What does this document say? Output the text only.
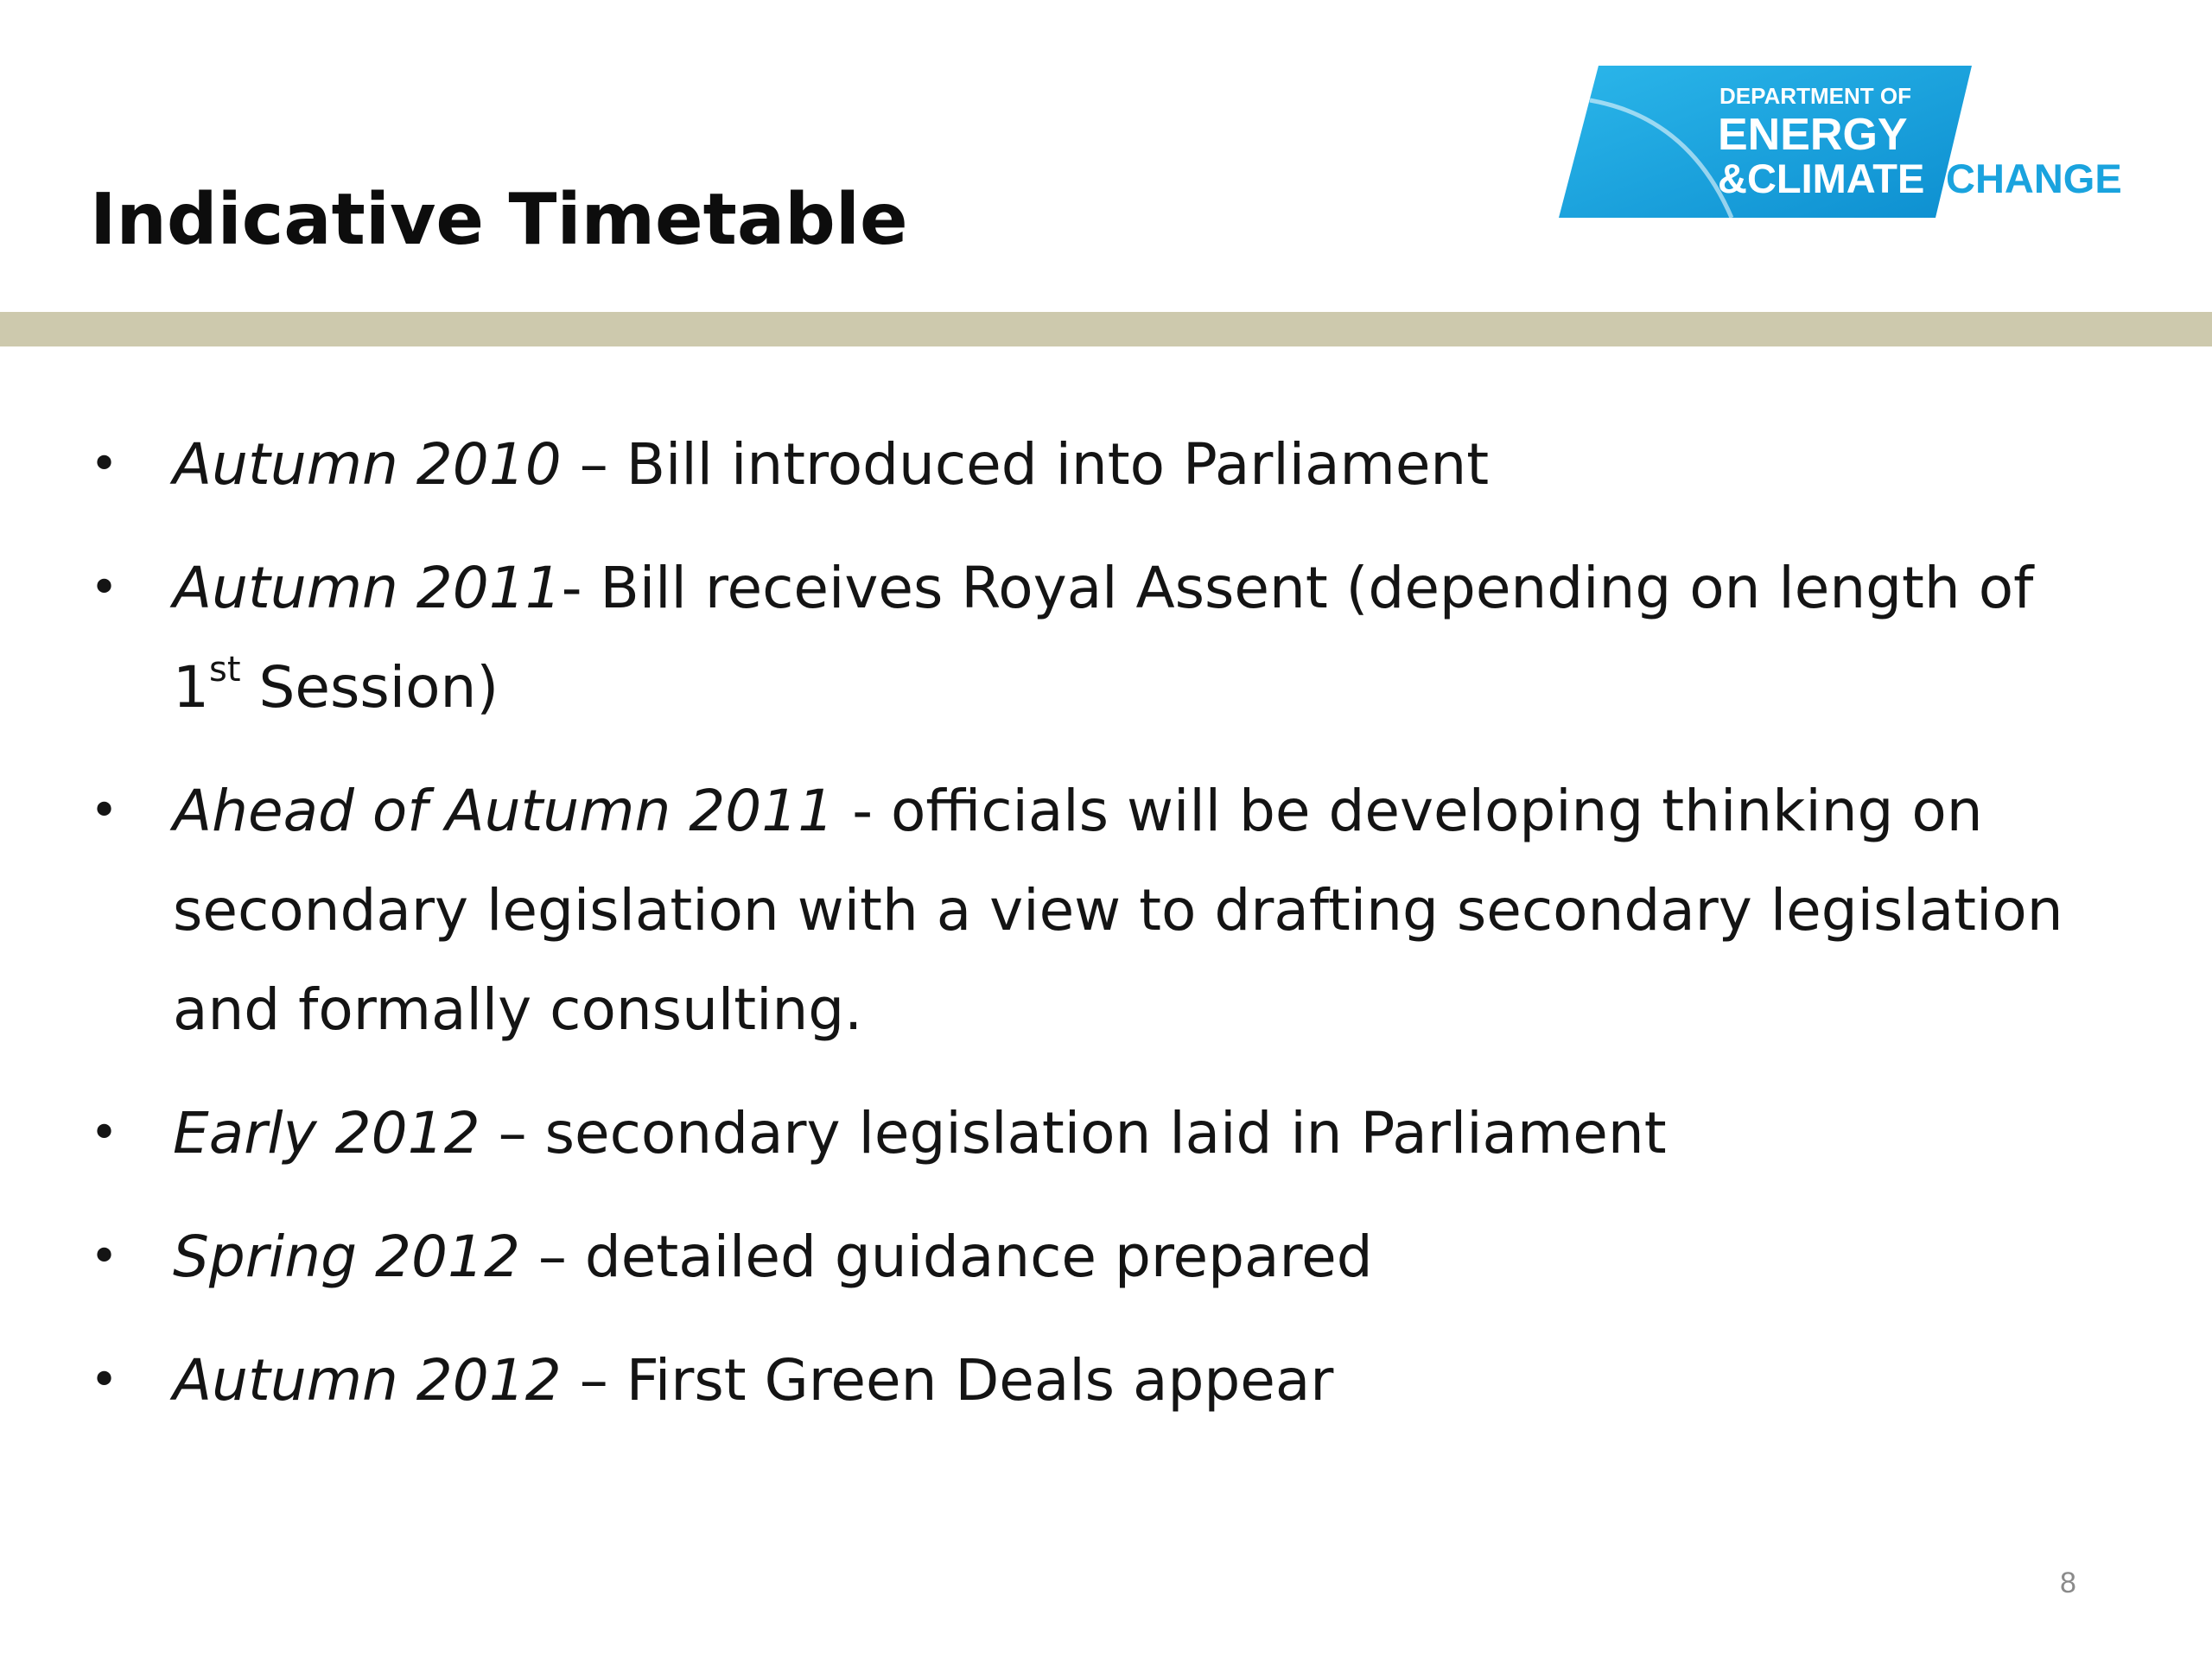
Indicative Timetable
DEPARTMENT OF
ENERGY
&CLIMATE CHANGE
• Autumn 2010 – Bill introduced into Parliament
• Autumn 2011- Bill receives Royal Assent (depending on length of 1st Session)
• Ahead of Autumn 2011 - officials will be developing thinking on secondary legislation with a view to drafting secondary legislation and formally consulting.
• Early 2012 – secondary legislation laid in Parliament
• Spring 2012 – detailed guidance prepared
• Autumn 2012 – First Green Deals appear
8
